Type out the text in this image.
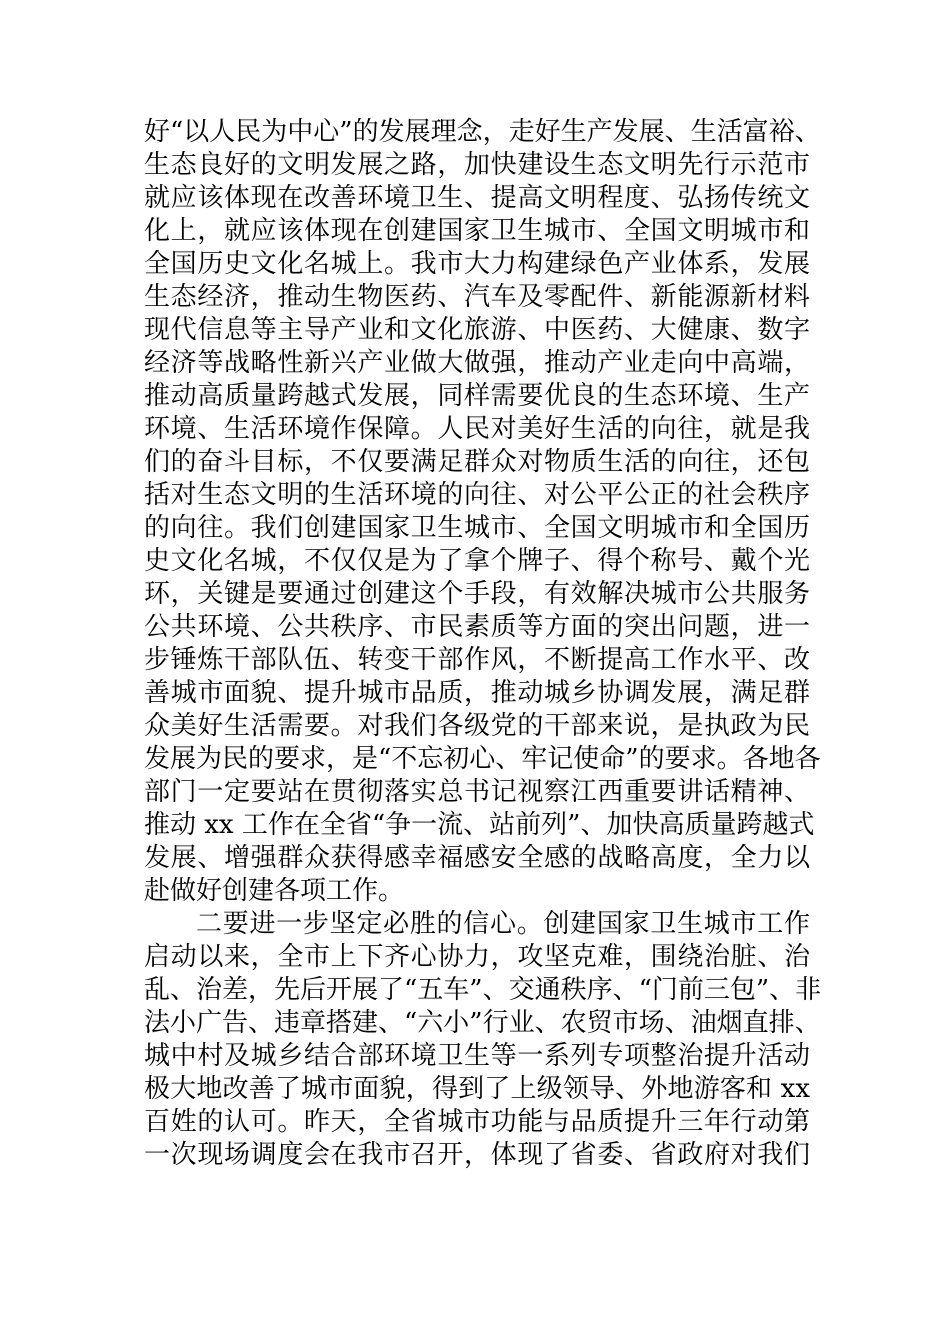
好“以人民为中心”的发展理念，走好生产发展、生活富裕、
生态良好的文明发展之路，加快建设生态文明先行示范市
就应该体现在改善环境卫生、提高文明程度、弘扬传统文
化上，就应该体现在创建国家卫生城市、全国文明城市和
全国历史文化名城上。我市大力构建绿色产业体系，发展
生态经济，推动生物医药、汽车及零配件、新能源新材料
现代信息等主导产业和文化旅游、中医药、大健康、数字
经济等战略性新兴产业做大做强，推动产业走向中高端，
推动高质量跨越式发展，同样需要优良的生态环境、生产
环境、生活环境作保障。人民对美好生活的向往，就是我
们的奋斗目标，不仅要满足群众对物质生活的向往，还包
括对生态文明的生活环境的向往、对公平公正的社会秩序
的向往。我们创建国家卫生城市、全国文明城市和全国历
史文化名城，不仅仅是为了拿个牌子、得个称号、戴个光
环，关键是要通过创建这个手段，有效解决城市公共服务
公共环境、公共秩序、市民素质等方面的突出问题，进一
步锤炼干部队伍、转变干部作风，不断提高工作水平、改
善城市面貌、提升城市品质，推动城乡协调发展，满足群
众美好生活需要。对我们各级党的干部来说，是执政为民
发展为民的要求，是“不忘初心、牢记使命”的要求。各地各
部门一定要站在贯彻落实总书记视察江西重要讲话精神、
推动 xx 工作在全省“争一流、站前列”、加快高质量跨越式
发展、增强群众获得感幸福感安全感的战略高度，全力以
赴做好创建各项工作。
二要进一步坚定必胜的信心。创建国家卫生城市工作
启动以来，全市上下齐心协力，攻坚克难，围绕治脏、治
乱、治差，先后开展了“五车”、交通秩序、“门前三包”、非
法小广告、违章搭建、“六小”行业、农贸市场、油烟直排、
城中村及城乡结合部环境卫生等一系列专项整治提升活动
极大地改善了城市面貌，得到了上级领导、外地游客和 xx
百姓的认可。昨天，全省城市功能与品质提升三年行动第
一次现场调度会在我市召开，体现了省委、省政府对我们
